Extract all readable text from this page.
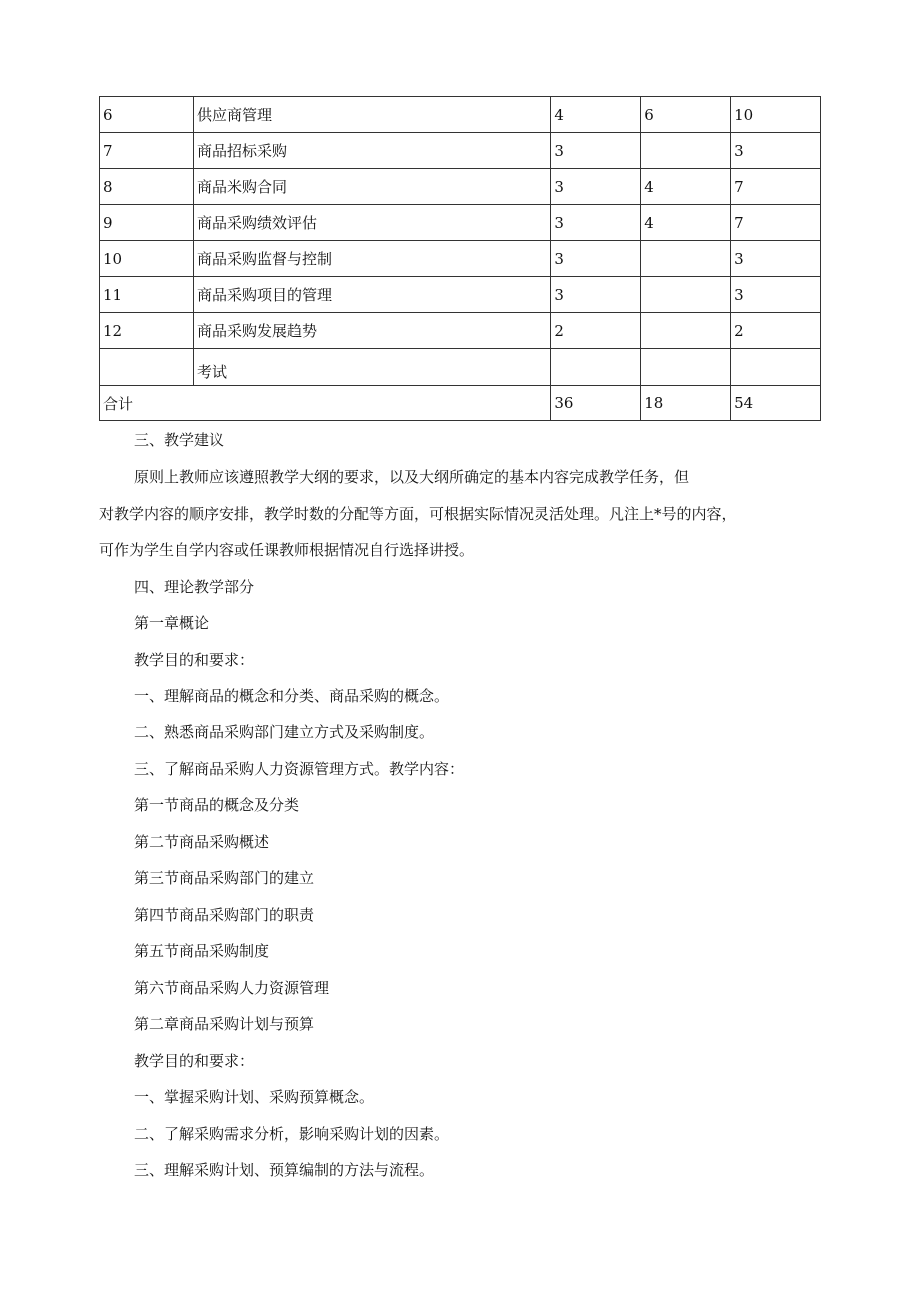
6	供应商管理	4	6	10
7	商品招标采购	3		3
8	商品米购合同	3	4	7
9	商品采购绩效评估	3	4	7
10	商品采购监督与控制	3		3
11	商品采购项目的管理	3		3
12	商品采购发展趋势	2		2
	考试			
合计		36	18	54

三、教学建议

原则上教师应该遵照教学大纲的要求，以及大纲所确定的基本内容完成教学任务，但

对教学内容的顺序安排，教学时数的分配等方面，可根据实际情况灵活处理。凡注上*号的内容，

可作为学生自学内容或任课教师根据情况自行选择讲授。

四、理论教学部分

第一章概论

教学目的和要求：

一、理解商品的概念和分类、商品采购的概念。

二、熟悉商品采购部门建立方式及采购制度。

三、了解商品采购人力资源管理方式。教学内容：

第一节商品的概念及分类

第二节商品采购概述

第三节商品采购部门的建立

第四节商品采购部门的职责

第五节商品采购制度

第六节商品采购人力资源管理

第二章商品采购计划与预算

教学目的和要求：

一、掌握采购计划、采购预算概念。

二、了解采购需求分析，影响采购计划的因素。

三、理解采购计划、预算编制的方法与流程。
